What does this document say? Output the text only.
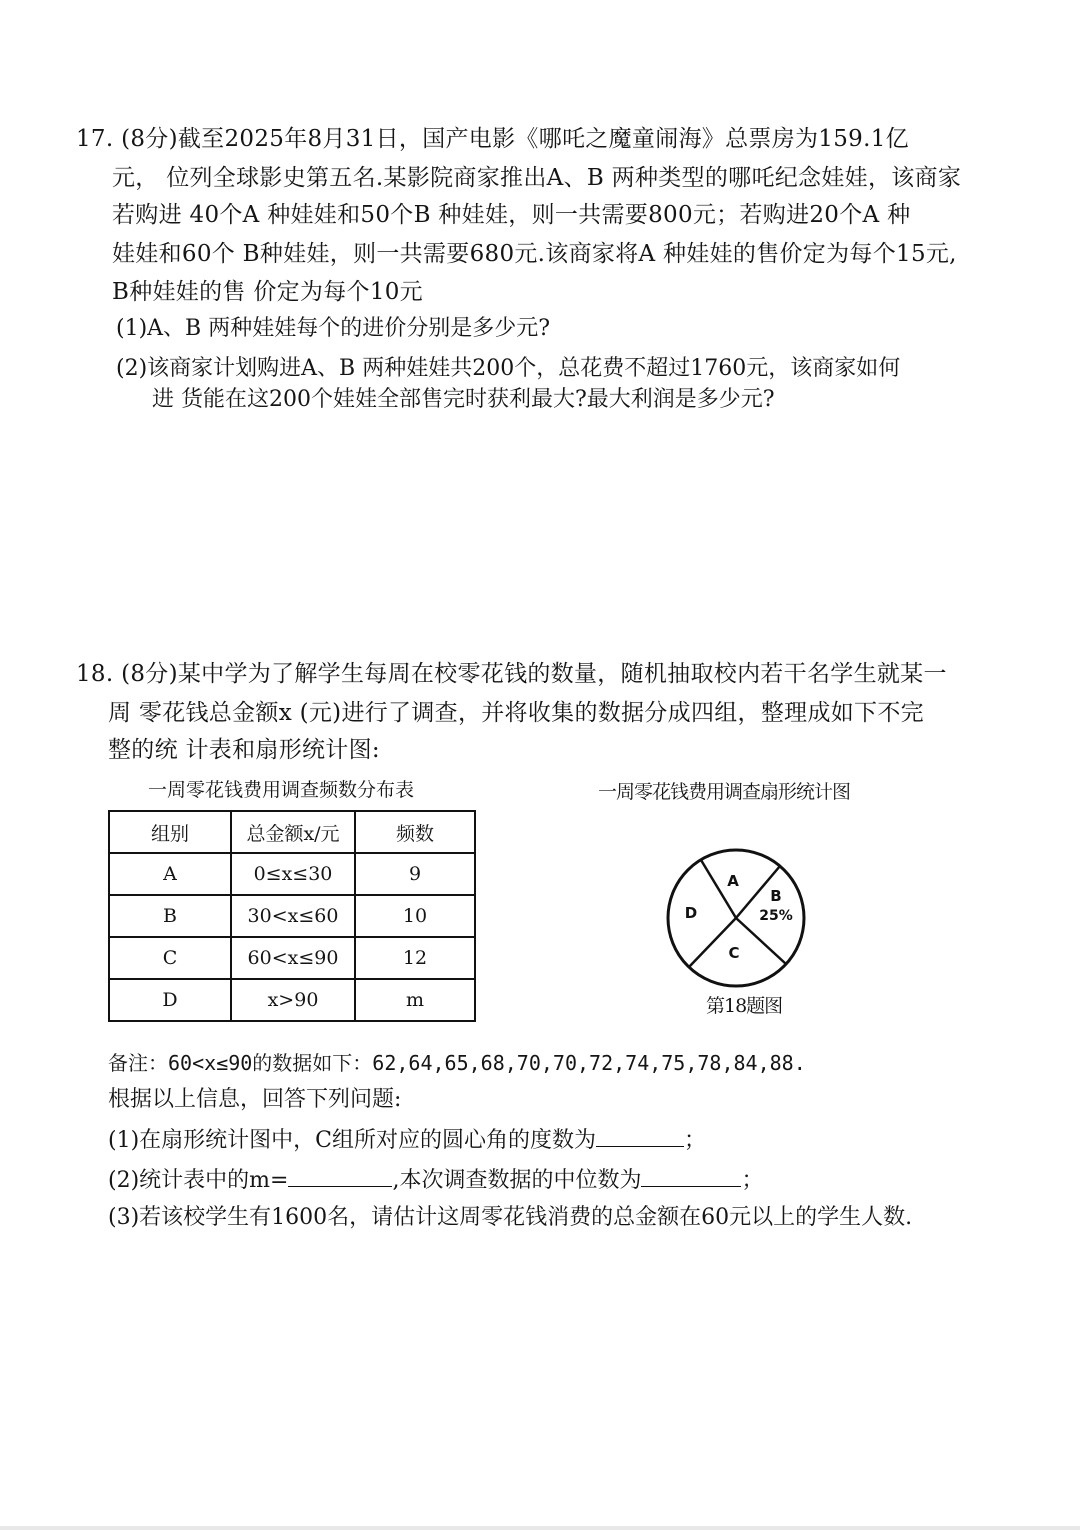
17. (8分)截至2025年8月31日，国产电影《哪吒之魔童闹海》总票房为159.1亿
元， 位列全球影史第五名.某影院商家推出A、B 两种类型的哪吒纪念娃娃，该商家
若购进 40个A 种娃娃和50个B 种娃娃，则一共需要800元；若购进20个A 种
娃娃和60个 B种娃娃，则一共需要680元.该商家将A 种娃娃的售价定为每个15元,
B种娃娃的售 价定为每个10元
(1)A、B 两种娃娃每个的进价分别是多少元?
(2)该商家计划购进A、B 两种娃娃共200个，总花费不超过1760元，该商家如何
进 货能在这200个娃娃全部售完时获利最大?最大利润是多少元?
18. (8分)某中学为了解学生每周在校零花钱的数量，随机抽取校内若干名学生就某一
周 零花钱总金额x (元)进行了调查，并将收集的数据分成四组，整理成如下不完
整的统 计表和扇形统计图:
一周零花钱费用调查频数分布表
组别	总金额x/元	频数
A	0≤x≤30	9
B	30<x≤60	10
C	60<x≤90	12
D	x>90	m
一周零花钱费用调查扇形统计图
A
B
25%
C
D
第18题图
备注：60<x≤90的数据如下：62,64,65,68,70,70,72,74,75,78,84,88.
根据以上信息，回答下列问题:
(1)在扇形统计图中，C组所对应的圆心角的度数为	；
(2)统计表中的m=	,本次调查数据的中位数为	；
(3)若该校学生有1600名，请估计这周零花钱消费的总金额在60元以上的学生人数.
